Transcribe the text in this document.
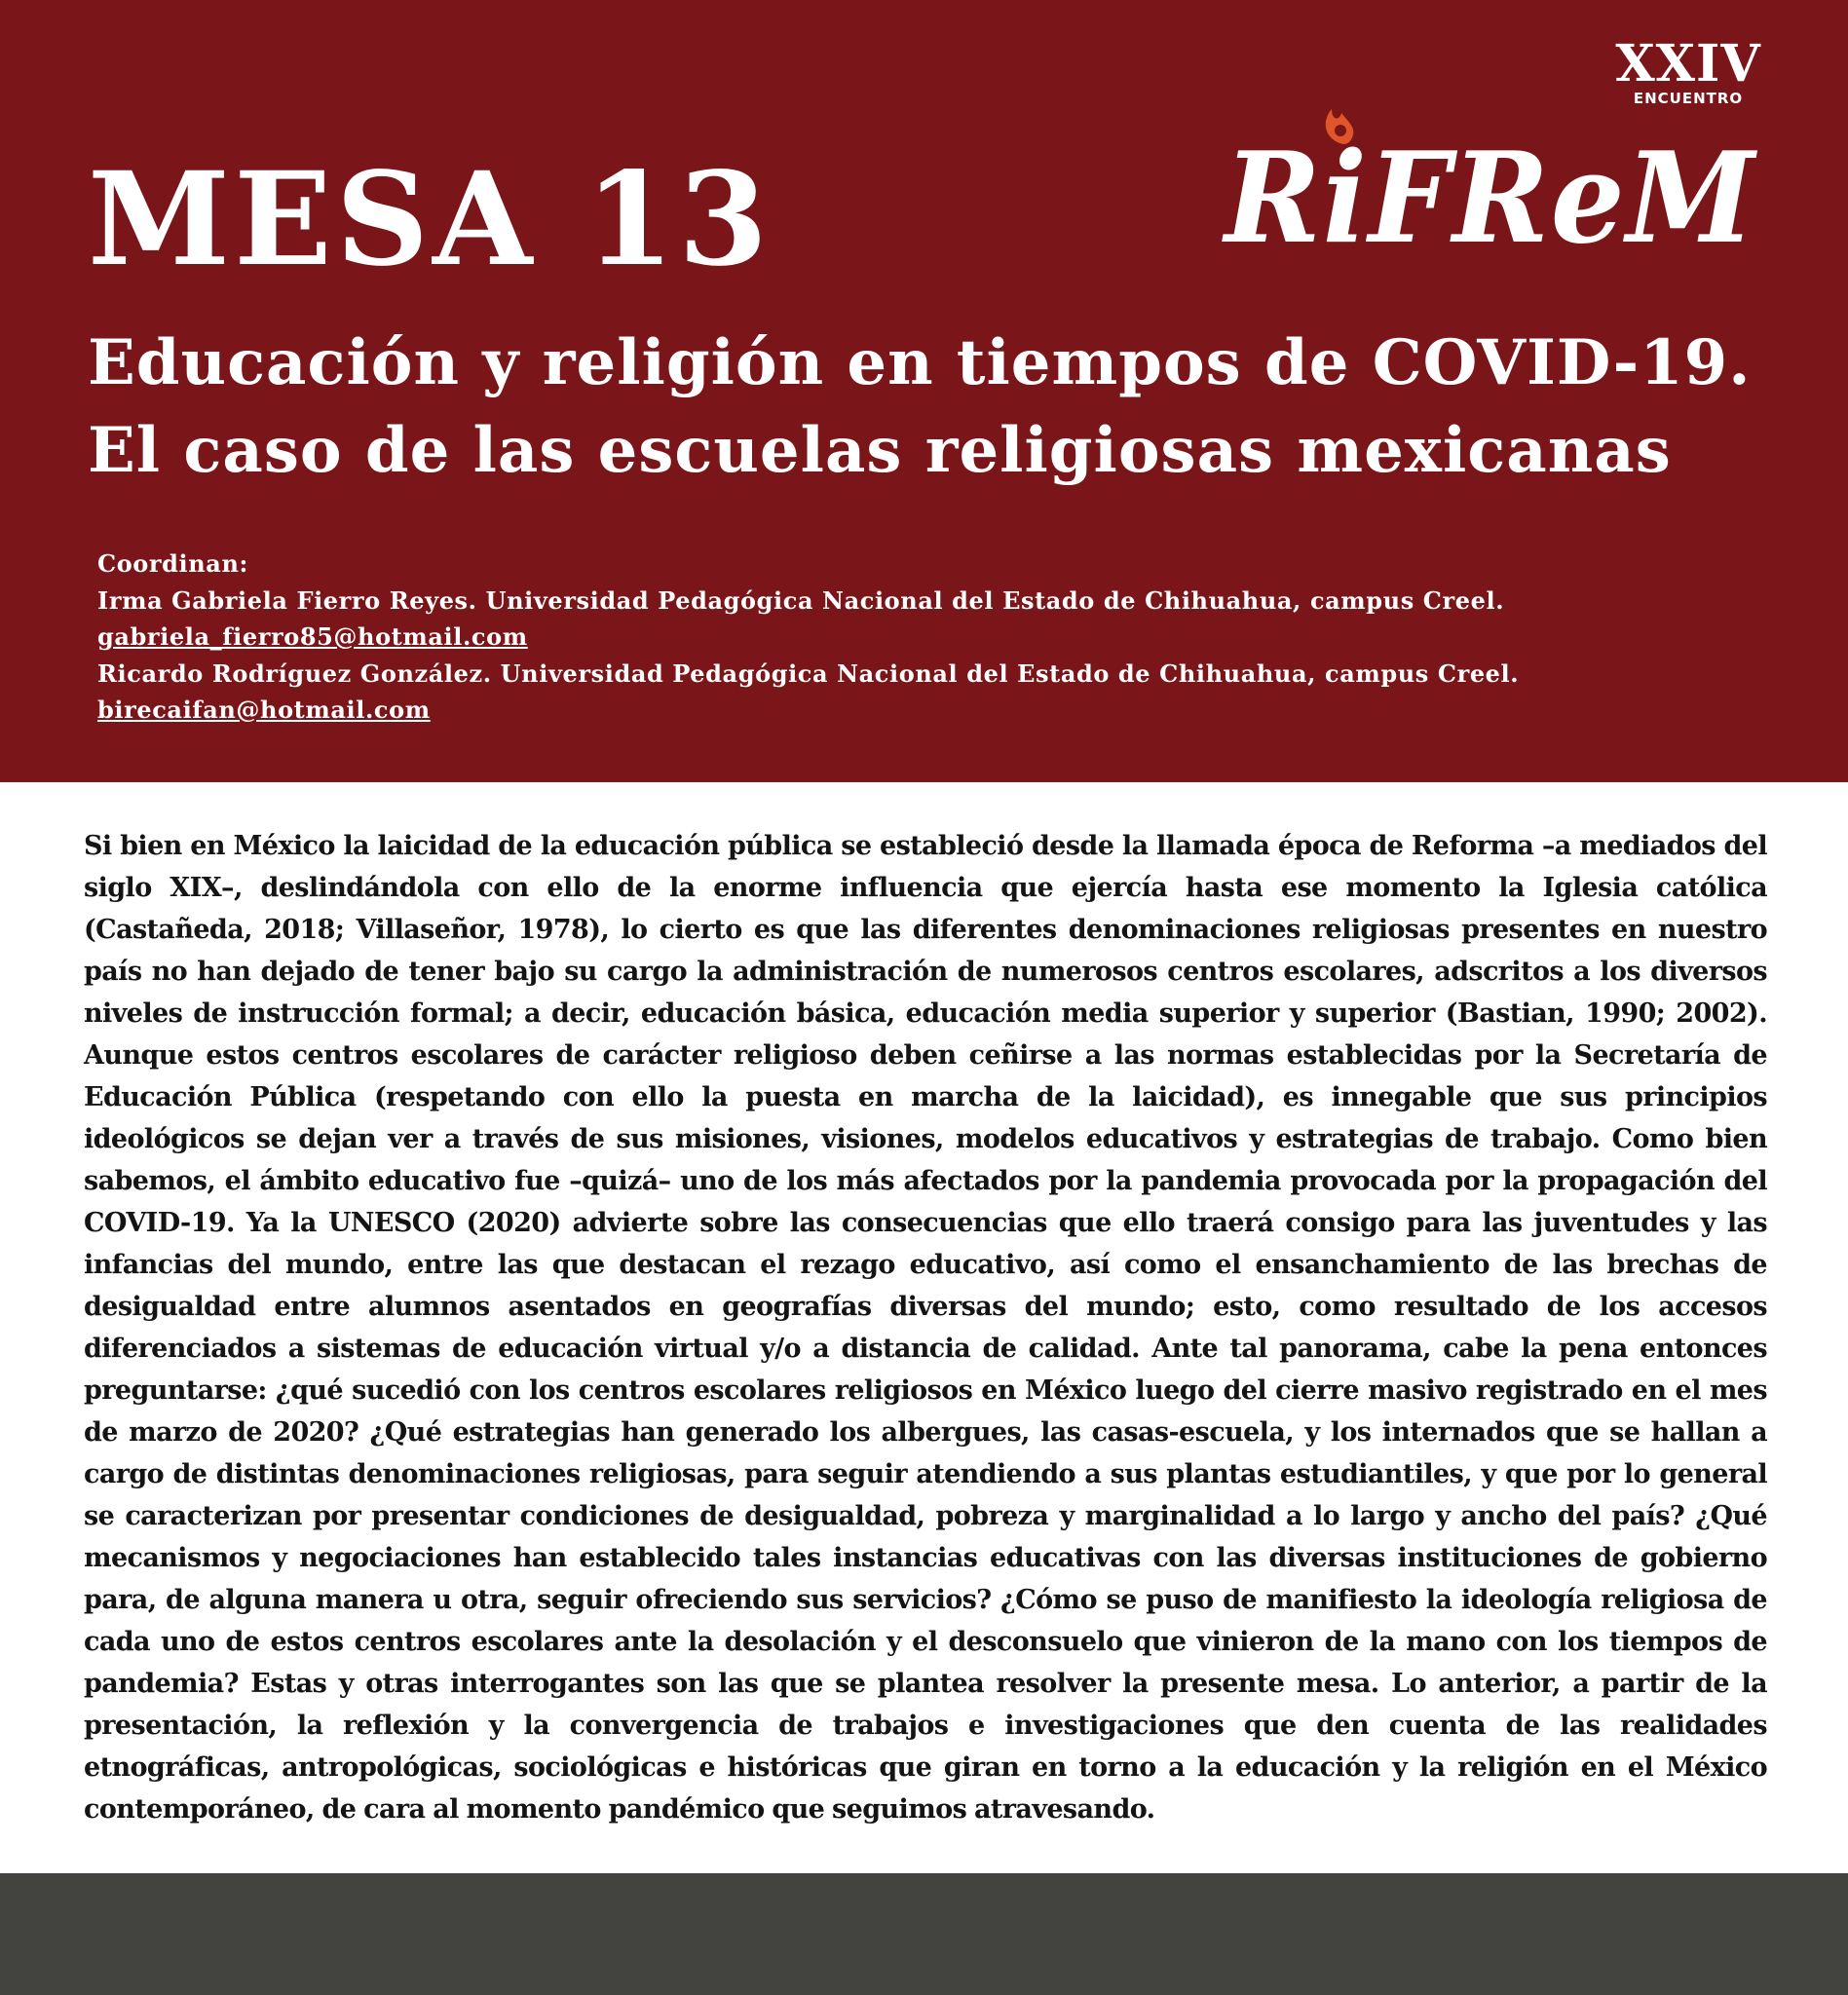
XXIV
ENCUENTRO
RiFReM
MESA 13
Educación y religión en tiempos de COVID-19.
El caso de las escuelas religiosas mexicanas
Coordinan:
Irma Gabriela Fierro Reyes. Universidad Pedagógica Nacional del Estado de Chihuahua, campus Creel.
gabriela_fierro85@hotmail.com
Ricardo Rodríguez González. Universidad Pedagógica Nacional del Estado de Chihuahua, campus Creel.
birecaifan@hotmail.com

Si bien en México la laicidad de la educación pública se estableció desde la llamada época de Reforma –a mediados del siglo XIX–, deslindándola con ello de la enorme influencia que ejercía hasta ese momento la Iglesia católica (Castañeda, 2018; Villaseñor, 1978), lo cierto es que las diferentes denominaciones religiosas presentes en nuestro país no han dejado de tener bajo su cargo la administración de numerosos centros escolares, adscritos a los diversos niveles de instrucción formal; a decir, educación básica, educación media superior y superior (Bastian, 1990; 2002). Aunque estos centros escolares de carácter religioso deben ceñirse a las normas establecidas por la Secretaría de Educación Pública (respetando con ello la puesta en marcha de la laicidad), es innegable que sus principios ideológicos se dejan ver a través de sus misiones, visiones, modelos educativos y estrategias de trabajo. Como bien sabemos, el ámbito educativo fue –quizá– uno de los más afectados por la pandemia provocada por la propagación del COVID-19. Ya la UNESCO (2020) advierte sobre las consecuencias que ello traerá consigo para las juventudes y las infancias del mundo, entre las que destacan el rezago educativo, así como el ensanchamiento de las brechas de desigualdad entre alumnos asentados en geografías diversas del mundo; esto, como resultado de los accesos diferenciados a sistemas de educación virtual y/o a distancia de calidad. Ante tal panorama, cabe la pena entonces preguntarse: ¿qué sucedió con los centros escolares religiosos en México luego del cierre masivo registrado en el mes de marzo de 2020? ¿Qué estrategias han generado los albergues, las casas-escuela, y los internados que se hallan a cargo de distintas denominaciones religiosas, para seguir atendiendo a sus plantas estudiantiles, y que por lo general se caracterizan por presentar condiciones de desigualdad, pobreza y marginalidad a lo largo y ancho del país? ¿Qué mecanismos y negociaciones han establecido tales instancias educativas con las diversas instituciones de gobierno para, de alguna manera u otra, seguir ofreciendo sus servicios? ¿Cómo se puso de manifiesto la ideología religiosa de cada uno de estos centros escolares ante la desolación y el desconsuelo que vinieron de la mano con los tiempos de pandemia? Estas y otras interrogantes son las que se plantea resolver la presente mesa. Lo anterior, a partir de la presentación, la reflexión y la convergencia de trabajos e investigaciones que den cuenta de las realidades etnográficas, antropológicas, sociológicas e históricas que giran en torno a la educación y la religión en el México contemporáneo, de cara al momento pandémico que seguimos atravesando.
